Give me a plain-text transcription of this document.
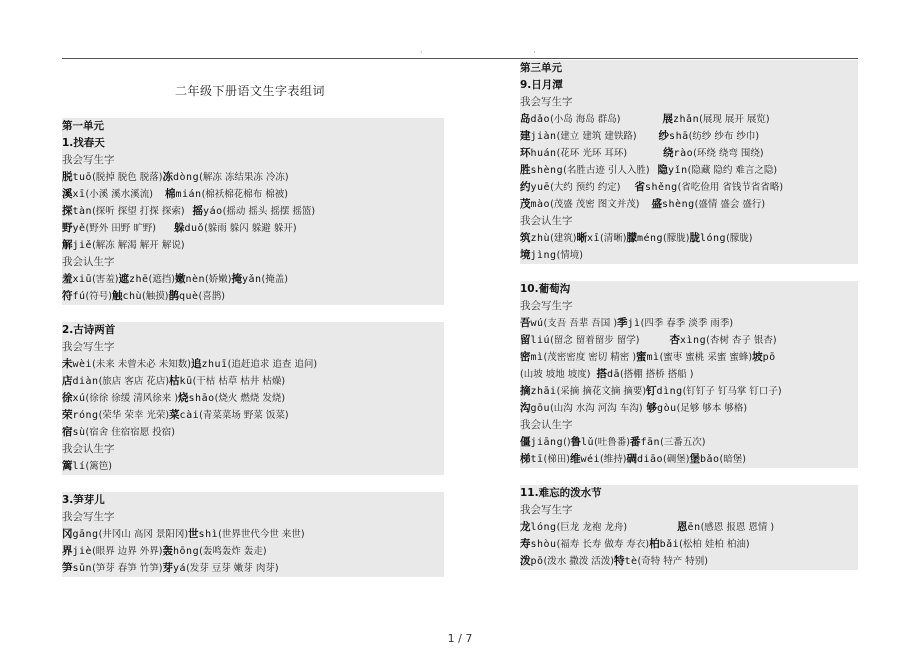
· ·
二年级下册语文生字表组词
第一单元
1.找春天
我会写生字
脱tuō(脱掉 脱色 脱落)冻dòng(解冻 冻结果冻 冷冻)
溪xī(小溪 溪水溪流) 棉mián(棉袄棉花棉布 棉被)
探tàn(探听 探望 打探 探索) 摇yáo(摇动 摇头 摇摆 摇篮)
野yě(野外 田野 旷野) 躲duǒ(躲雨 躲闪 躲避 躲开)
解jiě(解冻 解渴 解开 解说)
我会认生字
羞xiū(害羞)遮zhē(遮挡)嫩nèn(娇嫩)掩yǎn(掩盖)
符fú(符号)触chù(触摸)鹊què(喜鹊)
2.古诗两首
我会写生字
未wèi(未来 未曾未必 未知数)追zhuī(追赶追求 追查 追问)
店diàn(旅店 客店 花店)枯kū(干枯 枯草 枯井 枯燥)
徐xú(徐徐 徐缓 清风徐来 )烧shāo(烧火 燃烧 发烧)
荣róng(荣华 荣幸 光荣)菜cài(青菜菜场 野菜 饭菜)
宿sù(宿舍 住宿宿愿 投宿)
我会认生字
篱lí(篱笆)
3.笋芽儿
我会写生字
冈gāng(井冈山 高冈 景阳冈)世shì(世界世代今世 来世)
界jiè(眼界 边界 外界)轰hōng(轰鸣轰炸 轰走)
笋sǔn(笋芽 春笋 竹笋)芽yá(发芽 豆芽 嫩芽 肉芽)
第三单元
9.日月潭
我会写生字
岛dǎo(小岛 海岛 群岛)	展zhǎn(展现 展开 展览)
建jiàn(建立 建筑 建铁路) 纱shā(纺纱 纱布 纱巾)
环huán(花环 光环 耳环)	绕rào(环绕 绕弯 围绕)
胜shèng(名胜古迹 引人入胜) 隐yǐn(隐藏 隐约 难言之隐)
约yuē(大约 预约 约定) 省shěng(省吃俭用 省钱节省省略)
茂mào(茂盛 茂密 图文并茂) 盛shèng(盛情 盛会 盛行)
我会认生字
筑zhù(建筑)晰xī(清晰)朦méng(朦胧)胧lóng(朦胧)
境jìng(情境)
10.葡萄沟
我会写生字
吾wú(支吾 吾辈 吾国 )季jì(四季 春季 淡季 雨季)
留liú(留念 留着留步 留学)	杏xìng(杏树 杏子 银杏)
密mì(茂密密度 密切 精密 )蜜mì(蜜枣 蜜桃 采蜜 蜜蜂)坡pō
(山坡 坡地 坡度) 搭dā(搭棚 搭桥 搭船 )
摘zhāi(采摘 摘花文摘 摘要)钉dìng(钉钉子 钉马掌 钉口子)
沟gōu(山沟 水沟 河沟 车沟) 够gòu(足够 够本 够格)
我会认生字
僵jiāng()鲁lǔ(吐鲁番)番fān(三番五次)
梯tī(梯田)维wéi(维持)碉diāo(碉堡)堡bǎo(暗堡)
11.难忘的泼水节
我会写生字
龙lóng(巨龙 龙袍 龙舟)	恩ēn(感恩 报恩 恩情 )
寿shòu(福寿 长寿 做寿 寿衣)柏bǎi(松柏 娃柏 柏油)
泼pō(泼水 撒泼 活泼)特tè(奇特 特产 特别)
1 / 7
